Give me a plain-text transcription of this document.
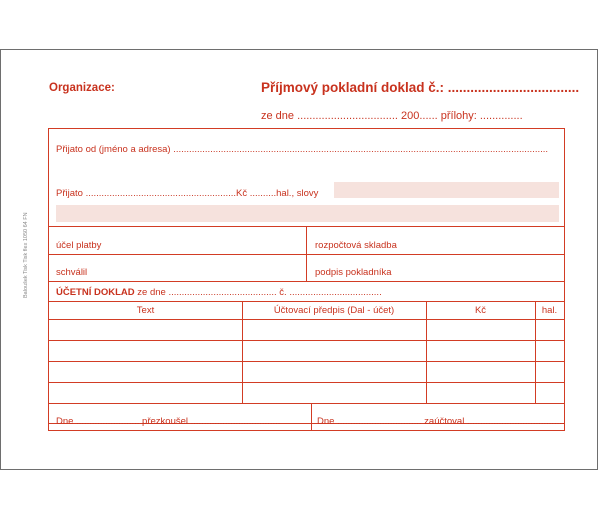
Organizace:	Příjmový pokladní doklad č.: ...................................
ze dne ................................. 200...... přílohy: ..............
Baloušek Tisk Tisk flex 1050 64 FN
Přijato od (jméno a adresa) ..............................................................................................................................................
Přijato .........................................................Kč ..........hal., slovy
účel platby	rozpočtová skladba
schválil	podpis pokladníka
ÚČETNÍ DOKLAD ze dne ......................................... č. ...................................
Text	Účtovací předpis (Dal - účet)	Kč	hal.
Dne ........................ přezkoušel ..................................	Dne ................................ zaúčtoval .....................................
